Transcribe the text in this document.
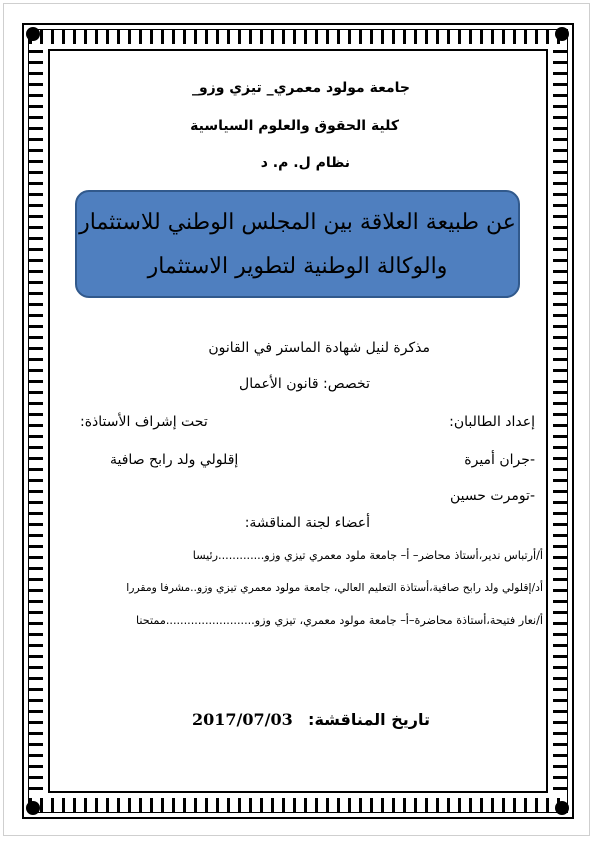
جامعة مولود معمري_ تيزي وزو_
كلية الحقوق والعلوم السياسية
نظام ل. م. د
عن طبيعة العلاقة بين المجلس الوطني للاستثمار
والوكالة الوطنية لتطوير الاستثمار
مذكرة لنيل شهادة الماستر في القانون
تخصص: قانون الأعمال
إعداد الطالبان:
-جران أميرة
-تومرت حسين
تحت إشراف الأستاذة:
إقلولي ولد رابح صافية
أعضاء لجنة المناقشة:
أ/أرتباس ندير،أستاذ محاضر– أ– جامعة ملود معمري تيزي وزو.............رئيسا
أد/إقلولي ولد رابح صافية،أستاذة التعليم العالي، جامعة مولود معمري تيزي وزو..مشرفا ومقررا
أ/نعار فتيحة،أستاذة محاضرة–أ– جامعة مولود معمري، تيزي وزو.........................ممتحنا
تاريخ المناقشة:
2017/07/03
